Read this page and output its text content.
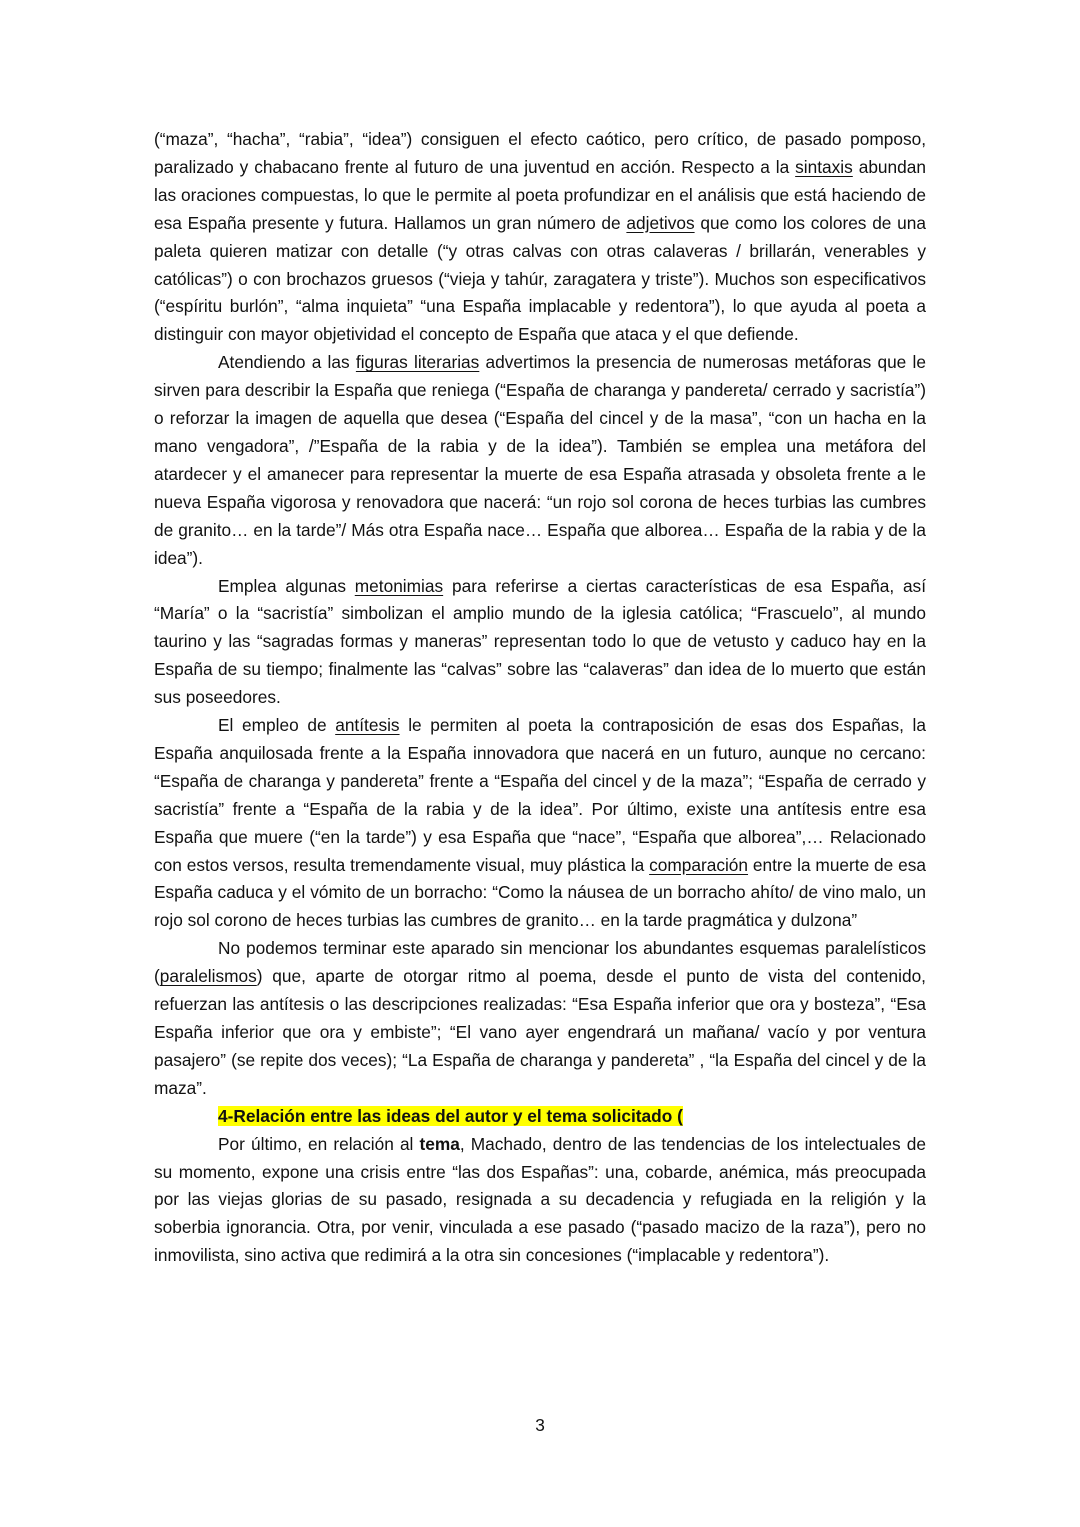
(“maza”, “hacha”, “rabia”, “idea”) consiguen el efecto caótico, pero crítico, de pasado pomposo, paralizado y chabacano frente al futuro de una juventud en acción. Respecto a la sintaxis abundan las oraciones compuestas, lo que le permite al poeta profundizar en el análisis que está haciendo de esa España presente y futura. Hallamos un gran número de adjetivos que como los colores de una paleta quieren matizar con detalle (“y otras calvas con otras calaveras / brillarán, venerables y católicas”) o con brochazos gruesos (“vieja y tahúr, zaragatera y triste”). Muchos son especificativos (“espíritu burlón”, “alma inquieta” “una España implacable y redentora”), lo que ayuda al poeta a distinguir con mayor objetividad el concepto de España que ataca y el que defiende.

Atendiendo a las figuras literarias advertimos la presencia de numerosas metáforas que le sirven para describir la España que reniega (“España de charanga y pandereta/ cerrado y sacristía”) o reforzar la imagen de aquella que desea (“España del cincel y de la masa”, “con un hacha en la mano vengadora”, /”España de la rabia y de la idea”). También se emplea una metáfora del atardecer y el amanecer para representar la muerte de esa España atrasada y obsoleta frente a le nueva España vigorosa y renovadora que nacerá: “un rojo sol corona de heces turbias las cumbres de granito… en la tarde”/ Más otra España nace… España que alborea… España de la rabia y de la idea”).

Emplea algunas metonimias para referirse a ciertas características de esa España, así “María” o la “sacristía” simbolizan el amplio mundo de la iglesia católica; “Frascuelo”, al mundo taurino y las “sagradas formas y maneras” representan todo lo que de vetusto y caduco hay en la España de su tiempo; finalmente las “calvas” sobre las “calaveras” dan idea de lo muerto que están sus poseedores.

El empleo de antítesis le permiten al poeta la contraposición de esas dos Españas, la España anquilosada frente a la España innovadora que nacerá en un futuro, aunque no cercano: “España de charanga y pandereta” frente a “España del cincel y de la maza”; “España de cerrado y sacristía” frente a “España de la rabia y de la idea”. Por último, existe una antítesis entre esa España que muere (“en la tarde”) y esa España que “nace”, “España que alborea”,… Relacionado con estos versos, resulta tremendamente visual, muy plástica la comparación entre la muerte de esa España caduca y el vómito de un borracho: “Como la náusea de un borracho ahíto/ de vino malo, un rojo sol corono de heces turbias las cumbres de granito… en la tarde pragmática y dulzona”

No podemos terminar este aparado sin mencionar los abundantes esquemas paralelísticos (paralelismos) que, aparte de otorgar ritmo al poema, desde el punto de vista del contenido, refuerzan las antítesis o las descripciones realizadas: “Esa España inferior que ora y bosteza”, “Esa España inferior que ora y embiste”; “El vano ayer engendrará un mañana/ vacío y por ventura pasajero” (se repite dos veces); “La España de charanga y pandereta” , “la España del cincel y de la maza”.

4-Relación entre las ideas del autor y el tema solicitado (

Por último, en relación al tema, Machado, dentro de las tendencias de los intelectuales de su momento, expone una crisis entre “las dos Españas”: una, cobarde, anémica, más preocupada por las viejas glorias de su pasado, resignada a su decadencia y refugiada en la religión y la soberbia ignorancia. Otra, por venir, vinculada a ese pasado (“pasado macizo de la raza”), pero no inmovilista, sino activa que redimirá a la otra sin concesiones (“implacable y redentora”).

3
